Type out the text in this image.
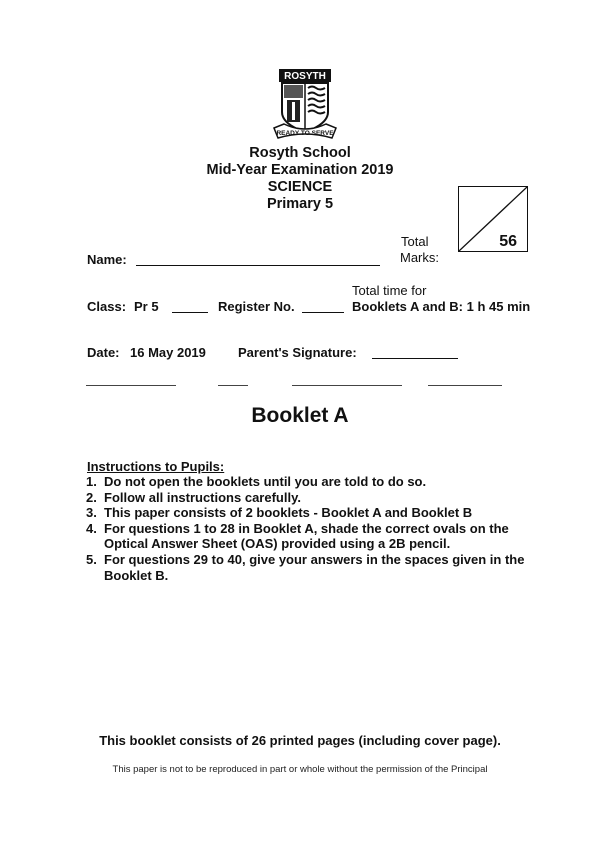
ROSYTH
READY TO SERVE
Rosyth School
Mid-Year Examination 2019
SCIENCE
Primary 5
Total
Marks:
56
Name:
Total time for
Booklets A and B: 1 h 45 min
Class: Pr 5	Register No.
Date: 16 May 2019 Parent's Signature:
Booklet A
Instructions to Pupils:
1. Do not open the booklets until you are told to do so.
2. Follow all instructions carefully.
3. This paper consists of 2 booklets - Booklet A and Booklet B
4. For questions 1 to 28 in Booklet A, shade the correct ovals on the Optical Answer Sheet (OAS) provided using a 2B pencil.
5. For questions 29 to 40, give your answers in the spaces given in the Booklet B.
This booklet consists of 26 printed pages (including cover page).
This paper is not to be reproduced in part or whole without the permission of the Principal
